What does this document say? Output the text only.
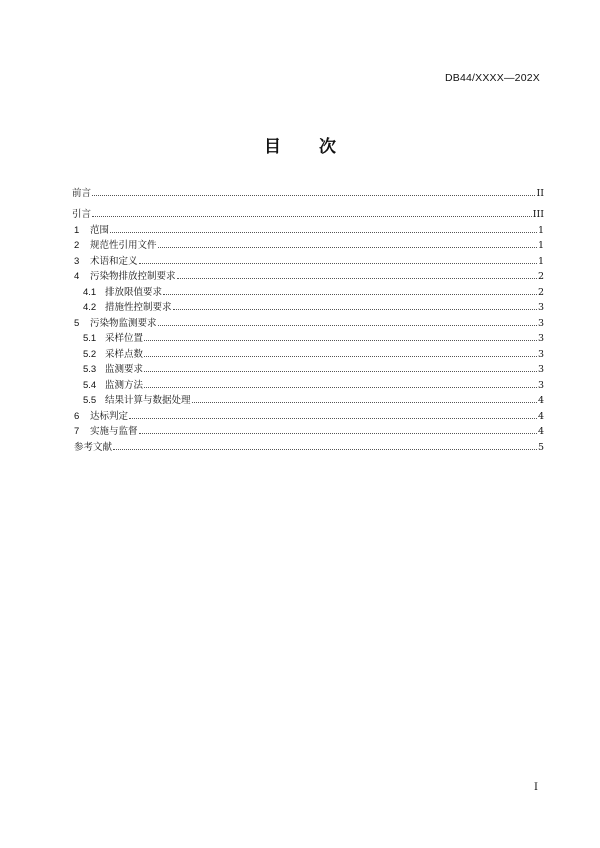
DB44/XXXX—202X
目 次
前言	II
引言	III
1	范围	1
2	规范性引用文件	1
3	术语和定义	1
4	污染物排放控制要求	2
4.1 排放限值要求	2
4.2 措施性控制要求	3
5	污染物监测要求	3
5.1 采样位置	3
5.2 采样点数	3
5.3 监测要求	3
5.4 监测方法	3
5.5 结果计算与数据处理	4
6	达标判定	4
7	实施与监督	4
参考文献	5
I
